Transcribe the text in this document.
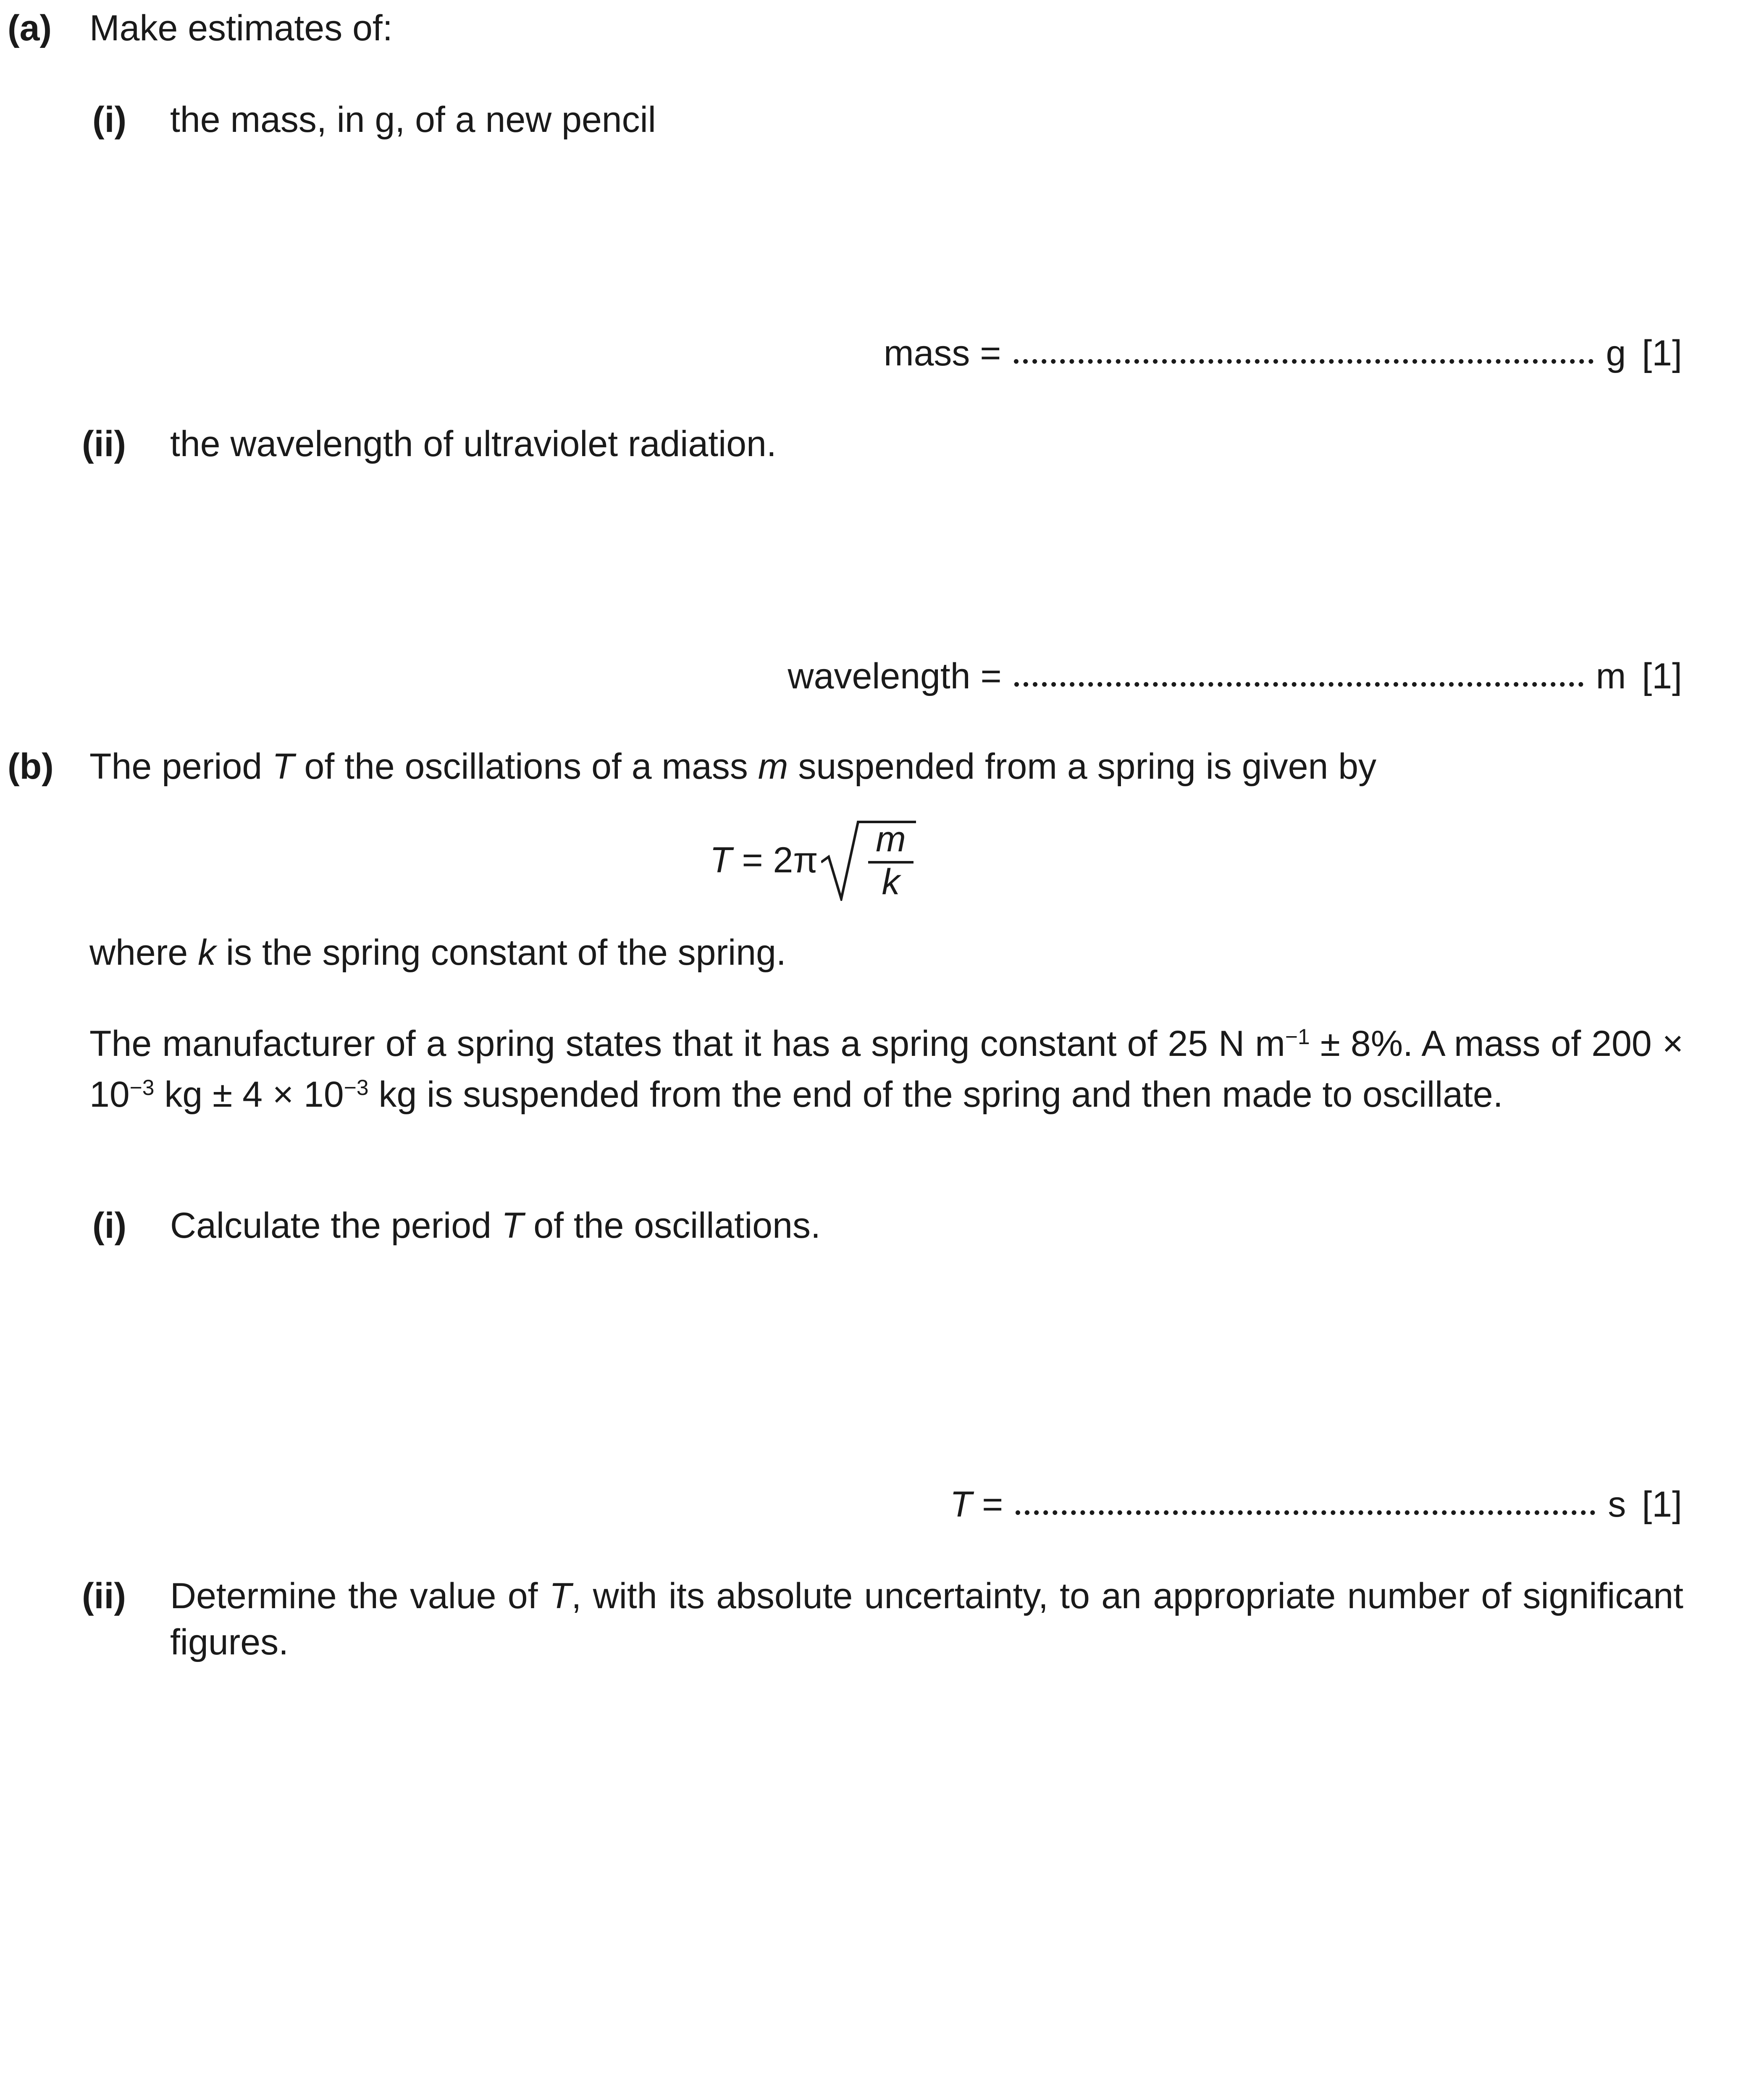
(a) Make estimates of:
(i) the mass, in g, of a new pencil
mass =	g [1]
(ii) the wavelength of ultraviolet radiation.
wavelength =	m [1]
(b) The period T of the oscillations of a mass m suspended from a spring is given by
T = 2π
m
k
where k is the spring constant of the spring.
The manufacturer of a spring states that it has a spring constant of 25 N $m^{-1} \pm 8\%$. A mass of $200 \times 10^{-3}$ kg ± $4 \times 10^{-3}$ kg is suspended from the end of the spring and then made to oscillate.
(i) Calculate the period T of the oscillations.
T =	s [1]
(ii) Determine the value of T, with its absolute uncertainty, to an appropriate number of significant figures.
